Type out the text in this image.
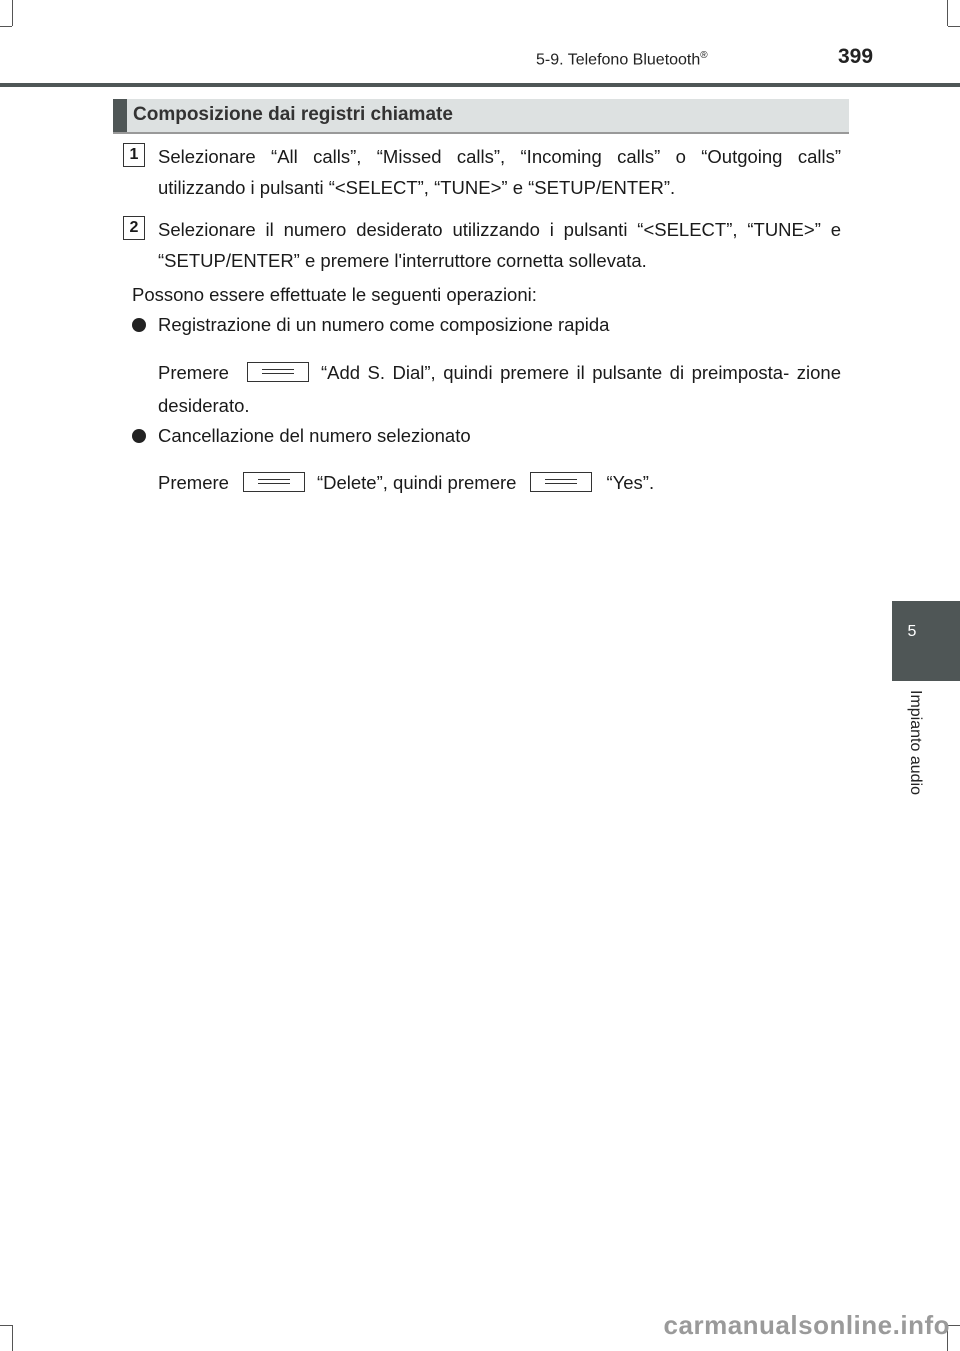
5-9. Telefono Bluetooth®	399
Composizione dai registri chiamate
1	Selezionare “All calls”, “Missed calls”, “Incoming calls” o “Outgoing calls” utilizzando i pulsanti “<SELECT”, “TUNE>” e “SETUP/ENTER”.
2	Selezionare il numero desiderato utilizzando i pulsanti “<SELECT”, “TUNE>” e “SETUP/ENTER” e premere l'interruttore cornetta sollevata.
Possono essere effettuate le seguenti operazioni:
Registrazione di un numero come composizione rapida
Premere	“Add S. Dial”, quindi premere il pulsante di preimposta- zione desiderato.
Cancellazione del numero selezionato
Premere	“Delete”, quindi premere	“Yes”.
5
Impianto audio
carmanualsonline.info
